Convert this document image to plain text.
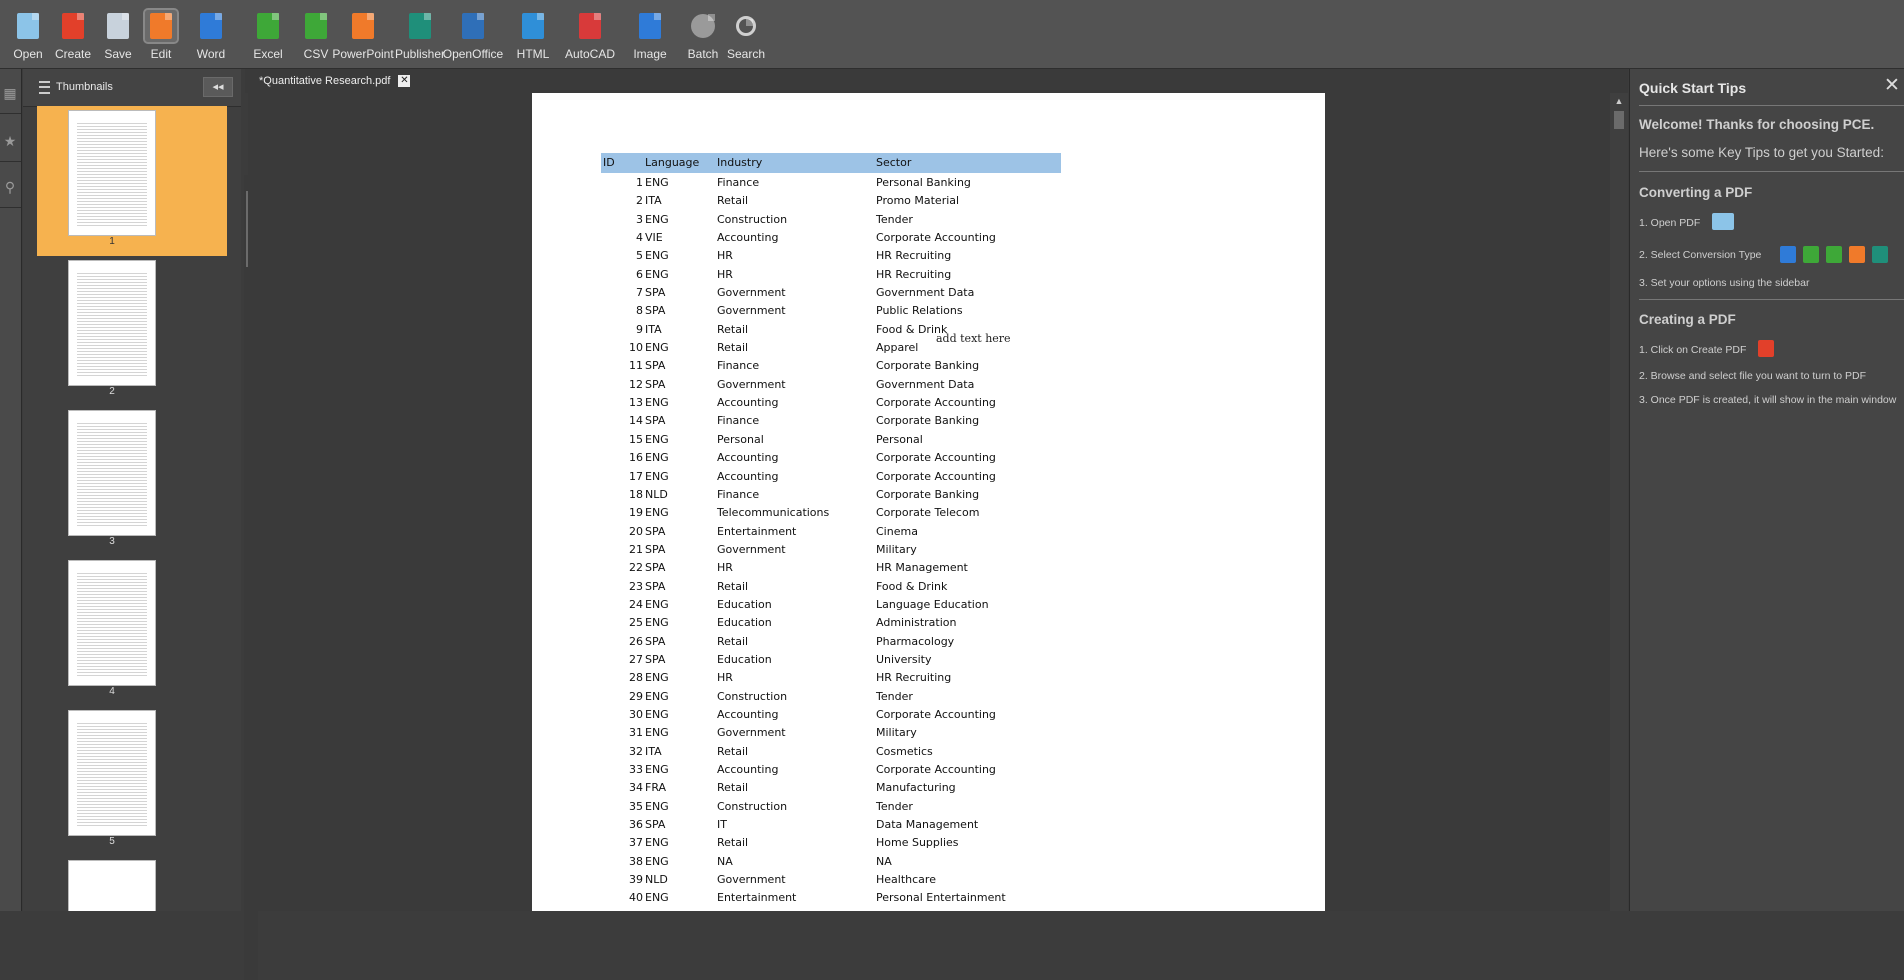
Open Create Save Edit Word Excel CSV PowerPoint Publisher
OpenOffice HTML AutoCAD Image Batch Search
▦
★
⚲
Thumbnails	◂◂
1
2
3
4
5
*Quantitative Research.pdf ✕
ID	Language Industry	Sector
1 ENG	Finance	Personal Banking
2 ITA	Retail	Promo Material
3 ENG	Construction	Tender
4 VIE	Accounting	Corporate Accounting
5 ENG	HR	HR Recruiting
6 ENG	HR	HR Recruiting
7 SPA	Government	Government Data
8 SPA	Government	Public Relations
9 ITA	Retail	Food & Drink
10 ENG	Retail	Apparel
11 SPA	Finance	Corporate Banking
12 SPA	Government	Government Data
13 ENG	Accounting	Corporate Accounting
14 SPA	Finance	Corporate Banking
15 ENG	Personal	Personal
16 ENG	Accounting	Corporate Accounting
17 ENG	Accounting	Corporate Accounting
18 NLD	Finance	Corporate Banking
19 ENG	Telecommunications	Corporate Telecom
20 SPA	Entertainment	Cinema
21 SPA	Government	Military
22 SPA	HR	HR Management
23 SPA	Retail	Food & Drink
24 ENG	Education	Language Education
25 ENG	Education	Administration
26 SPA	Retail	Pharmacology
27 SPA	Education	University
28 ENG	HR	HR Recruiting
29 ENG	Construction	Tender
30 ENG	Accounting	Corporate Accounting
31 ENG	Government	Military
32 ITA	Retail	Cosmetics
33 ENG	Accounting	Corporate Accounting
34 FRA	Retail	Manufacturing
35 ENG	Construction	Tender
36 SPA	IT	Data Management
37 ENG	Retail	Home Supplies
38 ENG	NA	NA
39 NLD	Government	Healthcare
40 ENG	Entertainment	Personal Entertainment
add text here
▲
Quick Start Tips	✕
Welcome! Thanks for choosing PCE.
Here's some Key Tips to get you Started:
Converting a PDF
1. Open PDF
2. Select Conversion Type
3. Set your options using the sidebar
Creating a PDF
1. Click on Create PDF
2. Browse and select file you want to turn to PDF
3. Once PDF is created, it will show in the main window
